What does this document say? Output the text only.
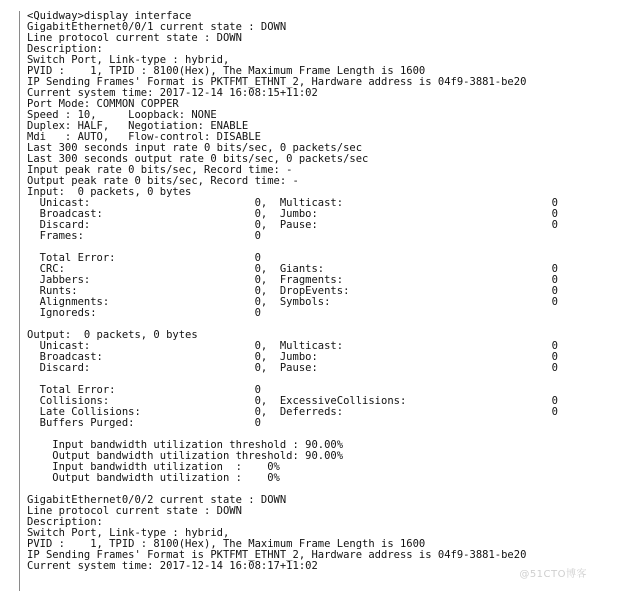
<Quidway>display interface
GigabitEthernet0/0/1 current state : DOWN
Line protocol current state : DOWN
Description:
Switch Port, Link-type : hybrid,
PVID :    1, TPID : 8100(Hex), The Maximum Frame Length is 1600
IP Sending Frames' Format is PKTFMT_ETHNT_2, Hardware address is 04f9-3881-be20
Current system time: 2017-12-14 16:08:15+11:02
Port Mode: COMMON COPPER
Speed : 10,     Loopback: NONE
Duplex: HALF,   Negotiation: ENABLE
Mdi   : AUTO,   Flow-control: DISABLE
Last 300 seconds input rate 0 bits/sec, 0 packets/sec
Last 300 seconds output rate 0 bits/sec, 0 packets/sec
Input peak rate 0 bits/sec, Record time: -
Output peak rate 0 bits/sec, Record time: -
Input:  0 packets, 0 bytes
Unicast:                          0,  Multicast:                                 0
Broadcast:                        0,  Jumbo:                                     0
Discard:                          0,  Pause:                                     0
Frames:                           0
Total Error:                      0
CRC:                              0,  Giants:                                    0
Jabbers:                          0,  Fragments:                                 0
Runts:                            0,  DropEvents:                                0
Alignments:                       0,  Symbols:                                   0
Ignoreds:                         0
Output:  0 packets, 0 bytes
Unicast:                          0,  Multicast:                                 0
Broadcast:                        0,  Jumbo:                                     0
Discard:                          0,  Pause:                                     0
Total Error:                      0
Collisions:                       0,  ExcessiveCollisions:                       0
Late Collisions:                  0,  Deferreds:                                 0
Buffers Purged:                   0
Input bandwidth utilization threshold : 90.00%
Output bandwidth utilization threshold: 90.00%
Input bandwidth utilization  :    0%
Output bandwidth utilization :    0%
GigabitEthernet0/0/2 current state : DOWN
Line protocol current state : DOWN
Description:
Switch Port, Link-type : hybrid,
PVID :    1, TPID : 8100(Hex), The Maximum Frame Length is 1600
IP Sending Frames' Format is PKTFMT_ETHNT_2, Hardware address is 04f9-3881-be20
Current system time: 2017-12-14 16:08:17+11:02
@51CTO博客
